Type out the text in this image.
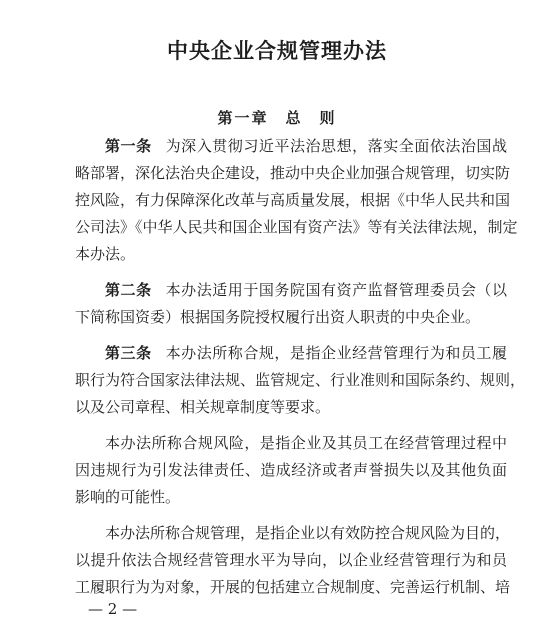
中央企业合规管理办法
第一章　总　则
第一条 为深入贯彻习近平法治思想，落实全面依法治国战
略部署，深化法治央企建设，推动中央企业加强合规管理，切实防
控风险，有力保障深化改革与高质量发展，根据《中华人民共和国
公司法》《中华人民共和国企业国有资产法》等有关法律法规，制定
本办法。
第二条 本办法适用于国务院国有资产监督管理委员会（以
下简称国资委）根据国务院授权履行出资人职责的中央企业。
第三条 本办法所称合规，是指企业经营管理行为和员工履
职行为符合国家法律法规、监管规定、行业准则和国际条约、规则，
以及公司章程、相关规章制度等要求。
本办法所称合规风险，是指企业及其员工在经营管理过程中
因违规行为引发法律责任、造成经济或者声誉损失以及其他负面
影响的可能性。
本办法所称合规管理，是指企业以有效防控合规风险为目的，
以提升依法合规经营管理水平为导向，以企业经营管理行为和员
工履职行为为对象，开展的包括建立合规制度、完善运行机制、培
— 2 —
